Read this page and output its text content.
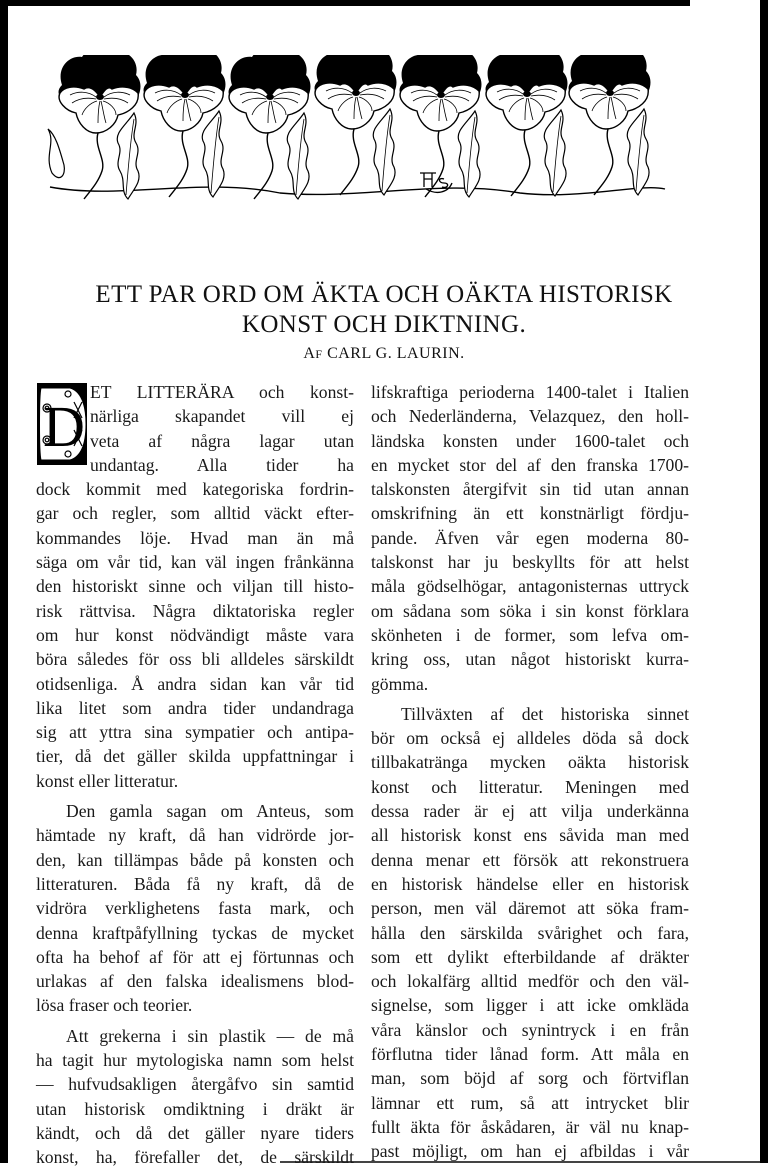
ETT PAR ORD OM ÄKTA OCH OÄKTA HISTORISK
KONST OCH DIKTNING.
AF CARL G. LAURIN.
D
ET LITTERÄRA och konst-
närliga skapandet vill ej
veta af några lagar utan
undantag. Alla tider ha
dock kommit med kategoriska fordrin-
gar och regler, som alltid väckt efter-
kommandes löje. Hvad man än må
säga om vår tid, kan väl ingen frånkänna
den historiskt sinne och viljan till histo-
risk rättvisa. Några diktatoriska regler
om hur konst nödvändigt måste vara
böra således för oss bli alldeles särskildt
otidsenliga. Å andra sidan kan vår tid
lika litet som andra tider undandraga
sig att yttra sina sympatier och antipa-
tier, då det gäller skilda uppfattningar i
konst eller litteratur.
Den gamla sagan om Anteus, som
hämtade ny kraft, då han vidrörde jor-
den, kan tillämpas både på konsten och
litteraturen. Båda få ny kraft, då de
vidröra verklighetens fasta mark, och
denna kraftpåfyllning tyckas de mycket
ofta ha behof af för att ej förtunnas och
urlakas af den falska idealismens blod-
lösa fraser och teorier.
Att grekerna i sin plastik — de må
ha tagit hur mytologiska namn som helst
— hufvudsakligen återgåfvo sin samtid
utan historisk omdiktning i dräkt är
kändt, och då det gäller nyare tiders
konst, ha, förefaller det, de särskildt
lifskraftiga perioderna 1400-talet i Italien
och Nederländerna, Velazquez, den holl-
ländska konsten under 1600-talet och
en mycket stor del af den franska 1700-
talskonsten återgifvit sin tid utan annan
omskrifning än ett konstnärligt fördju-
pande. Äfven vår egen moderna 80-
talskonst har ju beskyllts för att helst
måla gödselhögar, antagonisternas uttryck
om sådana som söka i sin konst förklara
skönheten i de former, som lefva om-
kring oss, utan något historiskt kurra-
gömma.
Tillväxten af det historiska sinnet
bör om också ej alldeles döda så dock
tillbakaträngа mycken oäkta historisk
konst och litteratur. Meningen med
dessa rader är ej att vilja underkänna
all historisk konst ens såvida man med
denna menar ett försök att rekonstruera
en historisk händelse eller en historisk
person, men väl däremot att söka fram-
hålla den särskilda svårighet och fara,
som ett dylikt efterbildande af dräkter
och lokalfärg alltid medför och den väl-
signelse, som ligger i att icke omkläda
våra känslor och synintryck i en från
förflutna tider lånad form. Att måla en
man, som böjd af sorg och förtviflan
lämnar ett rum, så att intrycket blir
fullt äkta för åskådaren, är väl nu knap-
past möjligt, om han ej afbildas i vår
